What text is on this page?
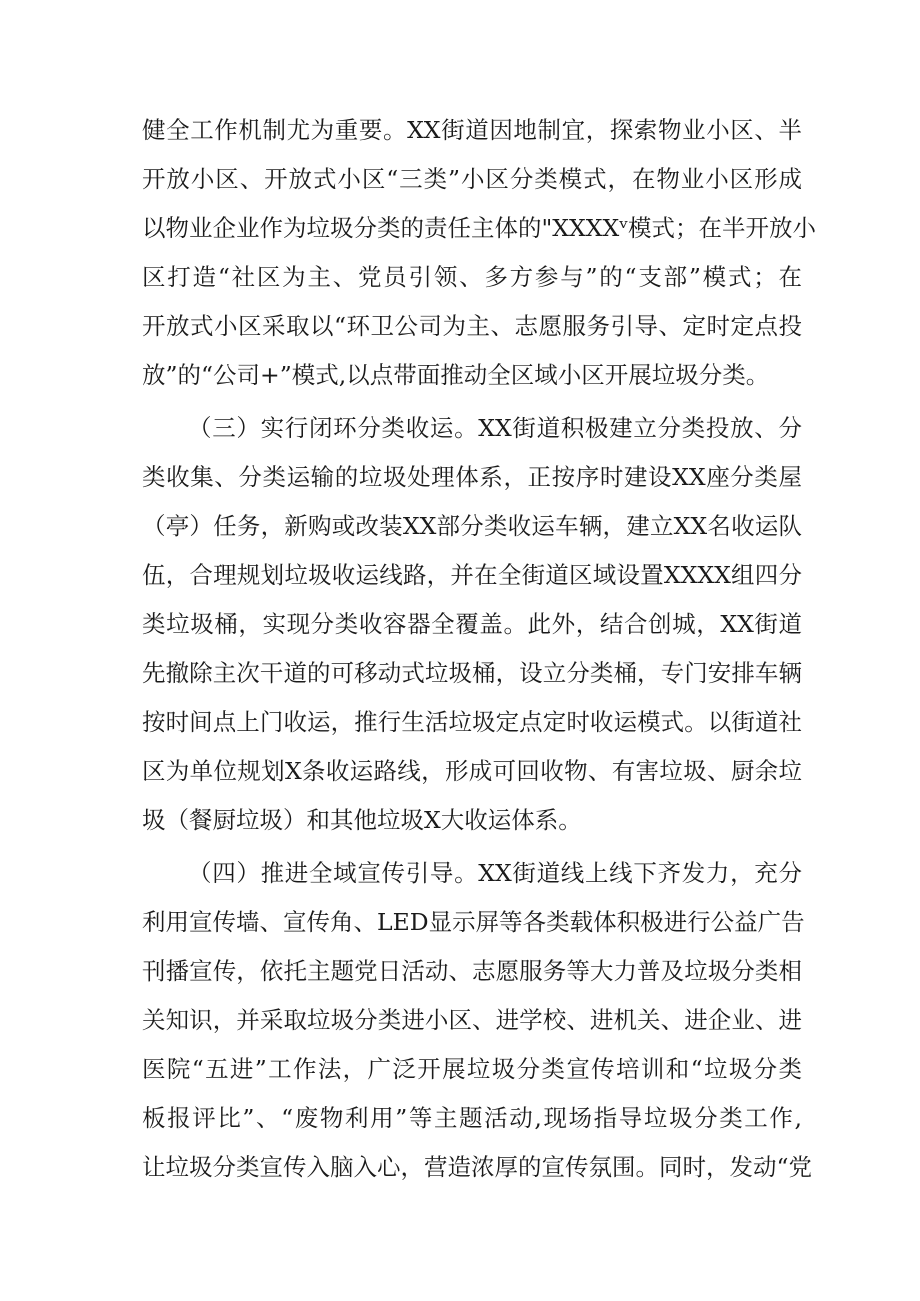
健全工作机制尤为重要。XX街道因地制宜，探索物业小区、半
开放小区、开放式小区“三类”小区分类模式，在物业小区形成
以物业企业作为垃圾分类的责任主体的"XXXXᵛ模式；在半开放小
区打造“社区为主、党员引领、多方参与”的“支部”模式；在
开放式小区采取以“环卫公司为主、志愿服务引导、定时定点投
放”的“公司+”模式,以点带面推动全区域小区开展垃圾分类。
（三）实行闭环分类收运。XX街道积极建立分类投放、分
类收集、分类运输的垃圾处理体系，正按序时建设XX座分类屋
（亭）任务，新购或改装XX部分类收运车辆，建立XX名收运队
伍，合理规划垃圾收运线路，并在全街道区域设置XXXX组四分
类垃圾桶，实现分类收容器全覆盖。此外，结合创城，XX街道
先撤除主次干道的可移动式垃圾桶，设立分类桶，专门安排车辆
按时间点上门收运，推行生活垃圾定点定时收运模式。以街道社
区为单位规划X条收运路线，形成可回收物、有害垃圾、厨余垃
圾（餐厨垃圾）和其他垃圾X大收运体系。
（四）推进全域宣传引导。XX街道线上线下齐发力，充分
利用宣传墙、宣传角、LED显示屏等各类载体积极进行公益广告
刊播宣传，依托主题党日活动、志愿服务等大力普及垃圾分类相
关知识，并采取垃圾分类进小区、进学校、进机关、进企业、进
医院“五进”工作法，广泛开展垃圾分类宣传培训和“垃圾分类
板报评比”、“废物利用”等主题活动,现场指导垃圾分类工作,
让垃圾分类宣传入脑入心，营造浓厚的宣传氛围。同时，发动“党
